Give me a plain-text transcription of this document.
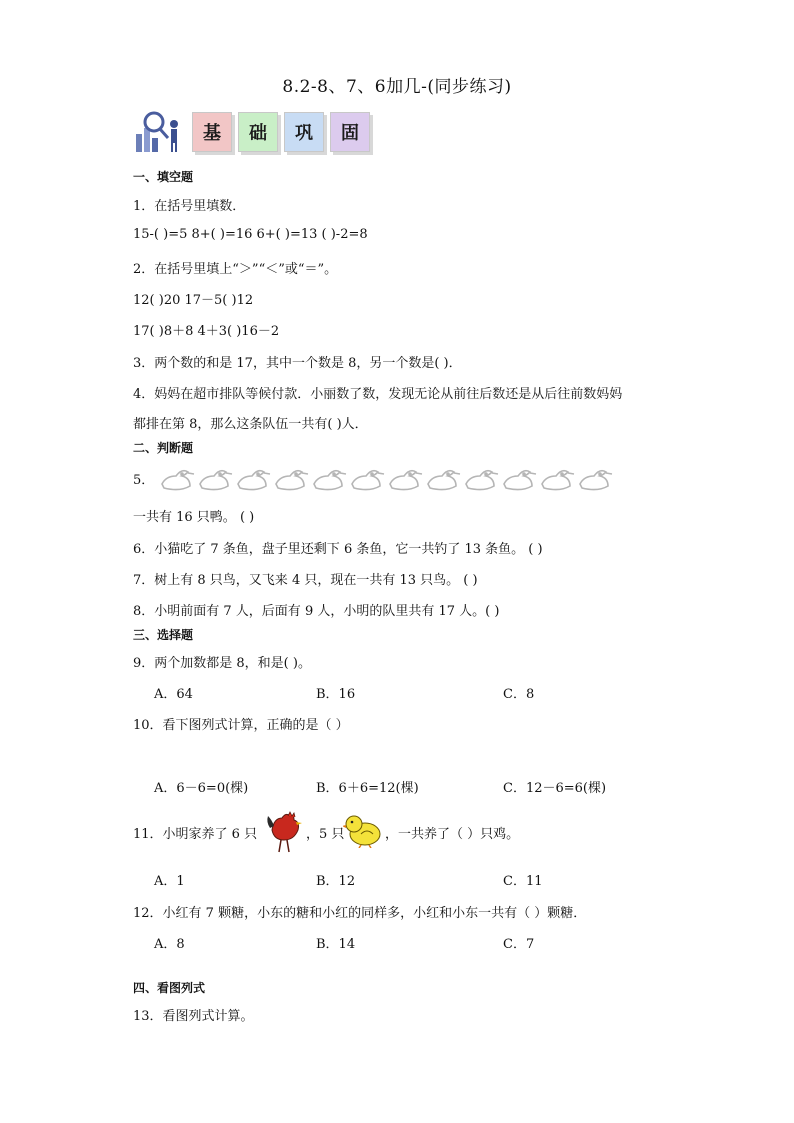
8.2-8、7、6加几-(同步练习)
基	础	巩	固
一、填空题
1．在括号里填数．
15-( )=5 8+( )=16 6+( )=13 ( )-2=8
2．在括号里填上“＞”“＜”或“＝”。
12( )20 17－5( )12
17( )8＋8 4＋3( )16－2
3．两个数的和是 17，其中一个数是 8，另一个数是( )．
4．妈妈在超市排队等候付款．小丽数了数，发现无论从前往后数还是从后往前数妈妈
都排在第 8，那么这条队伍一共有( )人．
二、判断题
5．
一共有 16 只鸭。 ( )
6．小猫吃了 7 条鱼，盘子里还剩下 6 条鱼，它一共钓了 13 条鱼。 ( )
7．树上有 8 只鸟，又飞来 4 只，现在一共有 13 只鸟。 ( )
8．小明前面有 7 人，后面有 9 人，小明的队里共有 17 人。( )
三、选择题
9．两个加数都是 8，和是( )。
A．64	B．16	C．8
10．看下图列式计算，正确的是（ ）
A．6－6=0(棵)	B．6＋6=12(棵)	C．12－6=6(棵)
11．小明家养了 6 只	，5 只	，一共养了（ ）只鸡。
A．1	B．12	C．11
12．小红有 7 颗糖，小东的糖和小红的同样多，小红和小东一共有（ ）颗糖．
A．8	B．14	C．7
四、看图列式
13．看图列式计算。
